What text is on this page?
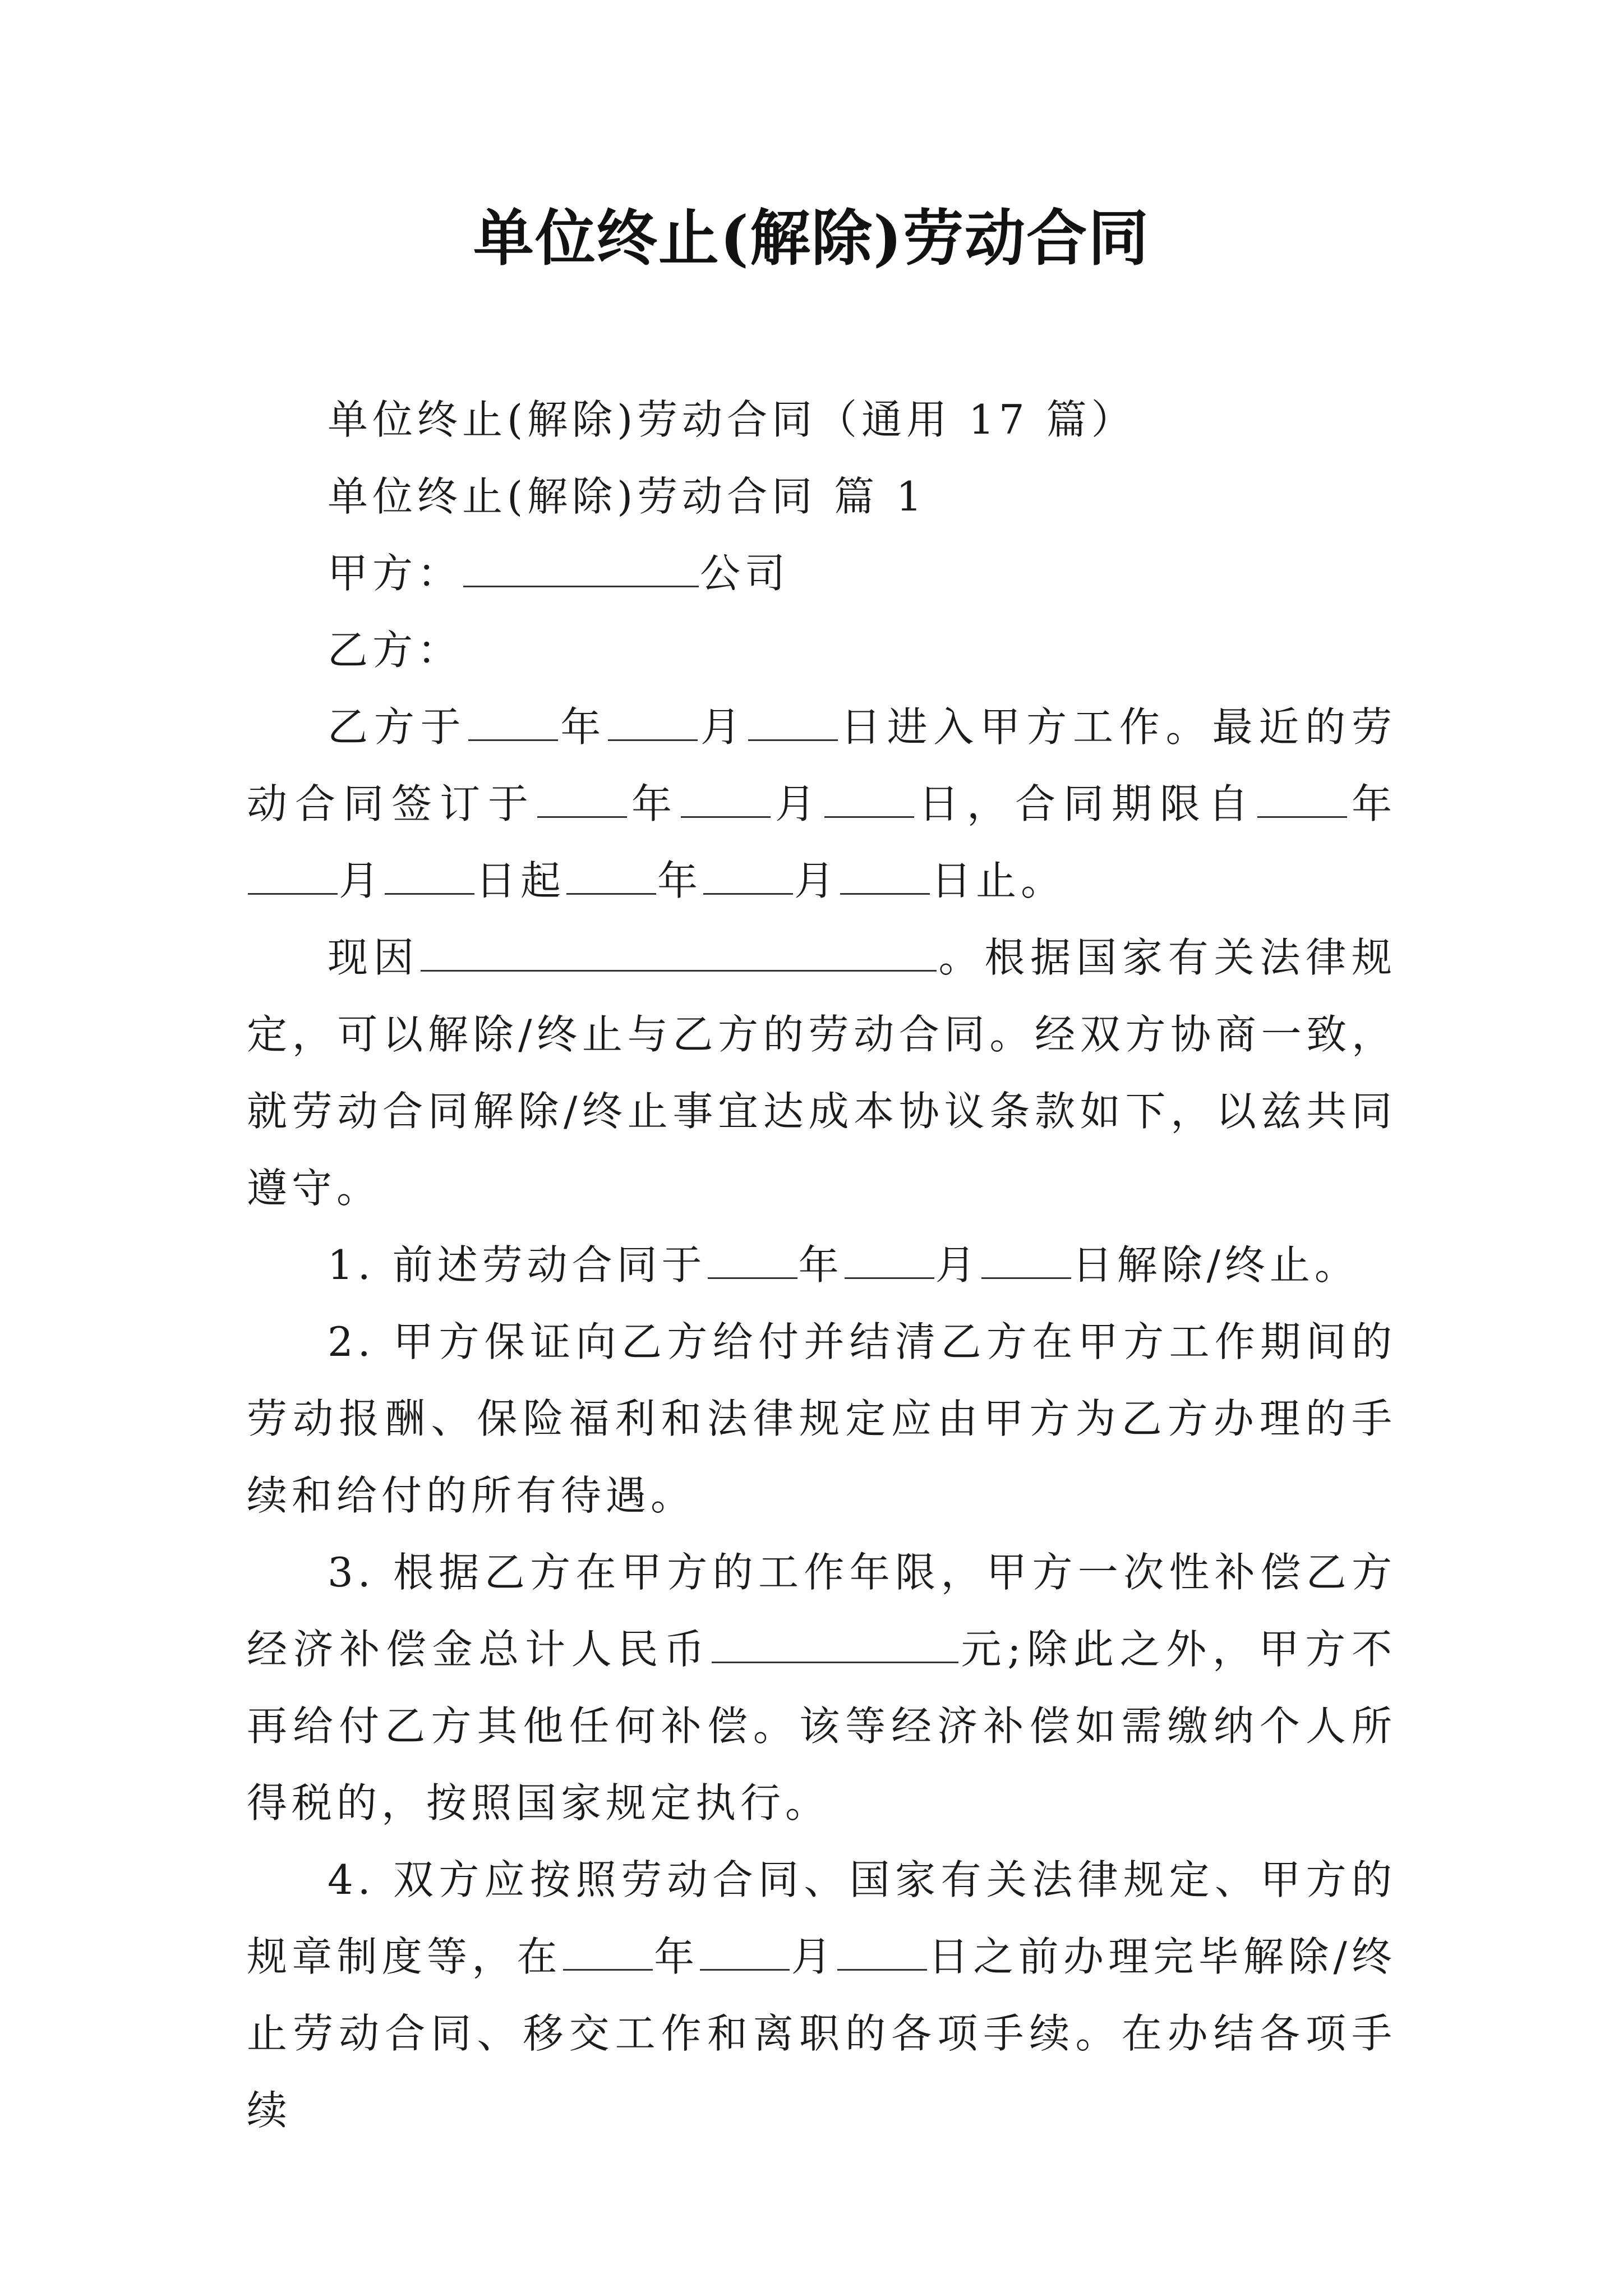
单位终止(解除)劳动合同

单位终止(解除)劳动合同（通用 17 篇）

单位终止(解除)劳动合同 篇 1

甲方：	公司

乙方：

乙方于 年 月 日进入甲方工作。最近的劳动合同签订于 年 月 日，合同期限自 年月 日起 年 月 日止。

现因	。根据国家有关法律规定，可以解除/终止与乙方的劳动合同。经双方协商一致，就劳动合同解除/终止事宜达成本协议条款如下，以兹共同遵守。

1. 前述劳动合同于 年 月 日解除/终止。

2. 甲方保证向乙方给付并结清乙方在甲方工作期间的劳动报酬、保险福利和法律规定应由甲方为乙方办理的手续和给付的所有待遇。

3. 根据乙方在甲方的工作年限，甲方一次性补偿乙方经济补偿金总计人民币	元;除此之外，甲方不再给付乙方其他任何补偿。该等经济补偿如需缴纳个人所得税的，按照国家规定执行。

4. 双方应按照劳动合同、国家有关法律规定、甲方的规章制度等，在 年 月 日之前办理完毕解除/终止劳动合同、移交工作和离职的各项手续。在办结各项手续
